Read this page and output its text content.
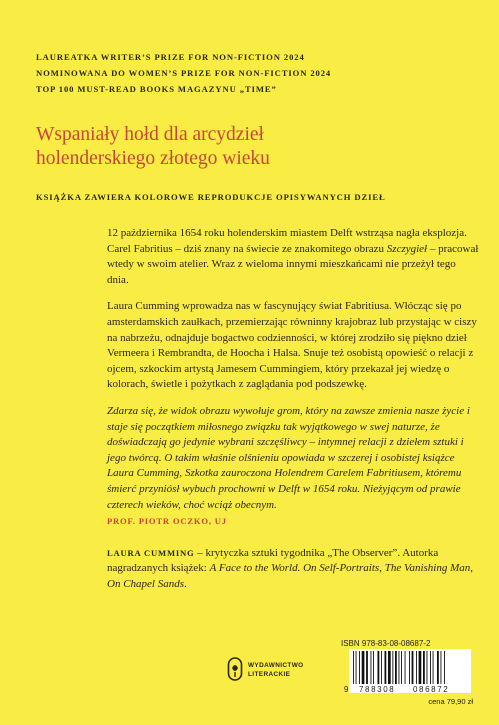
LAUREATKA WRITER’S PRIZE FOR NON-FICTION 2024
NOMINOWANA DO WOMEN’S PRIZE FOR NON-FICTION 2024
TOP 100 MUST-READ BOOKS MAGAZYNU „TIME”
Wspaniały hołd dla arcydzieł
holenderskiego złotego wieku
KSIĄŻKA ZAWIERA KOLOROWE REPRODUKCJE OPISYWANYCH DZIEŁ

12 października 1654 roku holenderskim miastem Delft wstrząsa nagła eksplozja. Carel Fabritius – dziś znany na świecie ze znakomitego obrazu Szczygieł – pracował wtedy w swoim atelier. Wraz z wieloma innymi mieszkańcami nie przeżył tego dnia.

Laura Cumming wprowadza nas w fascynujący świat Fabritiusa. Włócząc się po amsterdamskich zaułkach, przemierzając równinny krajobraz lub przystając w ciszy na nabrzeżu, odnajduje bogactwo codzienności, w której zrodziło się piękno dzieł Vermeera i Rembrandta, de Hoocha i Halsa. Snuje też osobistą opowieść o relacji z ojcem, szkockim artystą Jamesem Cummingiem, który przekazał jej wiedzę o kolorach, świetle i pożytkach z zaglądania pod podszewkę.

Zdarza się, że widok obrazu wywołuje grom, który na zawsze zmienia nasze życie i staje się początkiem miłosnego związku tak wyjątkowego w swej naturze, że doświadczają go jedynie wybrani szczęśliwcy – intymnej relacji z dziełem sztuki i jego twórcą. O takim właśnie olśnieniu opowiada w szczerej i osobistej książce Laura Cumming, Szkotka zauroczona Holendrem Carelem Fabritiusem, któremu śmierć przyniósł wybuch prochowni w Delft w 1654 roku. Nieżyjącym od prawie czterech wieków, choć wciąż obecnym.

PROF. PIOTR OCZKO, UJ

LAURA CUMMING – krytyczka sztuki tygodnika „The Observer”. Autorka nagradzanych książek: A Face to the World. On Self-Portraits, The Vanishing Man, On Chapel Sands.

WYDAWNICTWO
LITERACKIE
ISBN 978-83-08-08687-2
9 788308 086872
cena 79,90 zł
